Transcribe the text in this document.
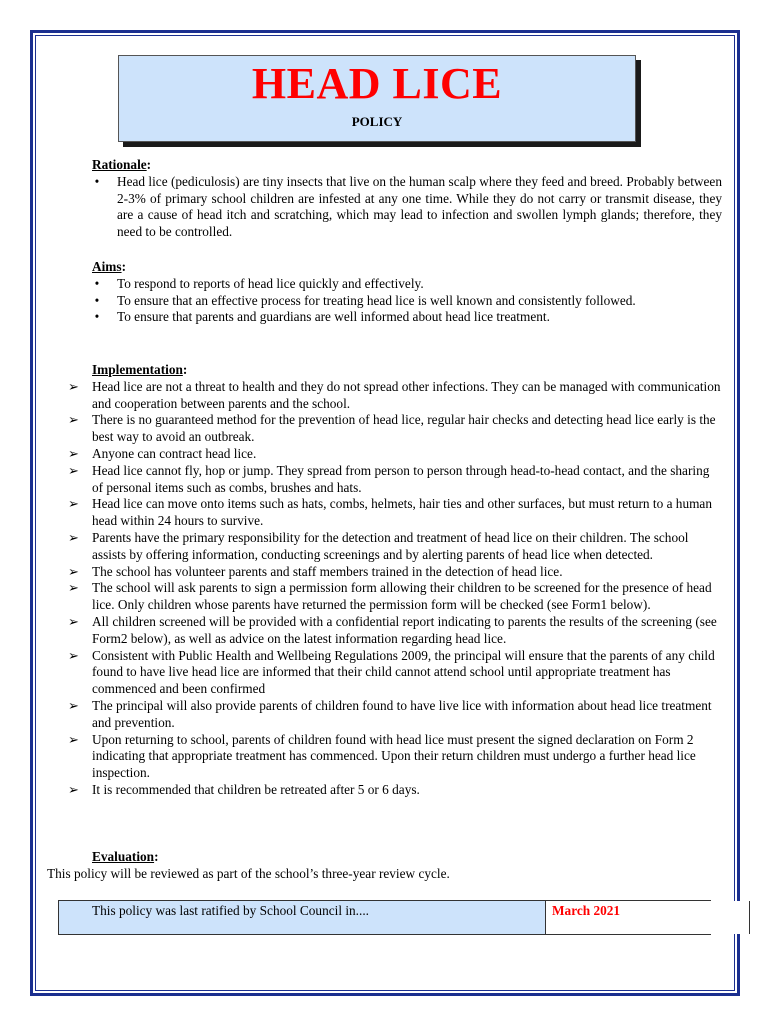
HEAD LICE
POLICY
Rationale:
• Head lice (pediculosis) are tiny insects that live on the human scalp where they feed and breed. Probably between 2-3% of primary school children are infested at any one time. While they do not carry or transmit disease, they are a cause of head itch and scratching, which may lead to infection and swollen lymph glands; therefore, they need to be controlled.
Aims:
• To respond to reports of head lice quickly and effectively.
• To ensure that an effective process for treating head lice is well known and consistently followed.
• To ensure that parents and guardians are well informed about head lice treatment.
Implementation:
➢ Head lice are not a threat to health and they do not spread other infections. They can be managed with communication and cooperation between parents and the school.
➢ There is no guaranteed method for the prevention of head lice, regular hair checks and detecting head lice early is the best way to avoid an outbreak.
➢ Anyone can contract head lice.
➢ Head lice cannot fly, hop or jump. They spread from person to person through head-to-head contact, and the sharing of personal items such as combs, brushes and hats.
➢ Head lice can move onto items such as hats, combs, helmets, hair ties and other surfaces, but must return to a human head within 24 hours to survive.
➢ Parents have the primary responsibility for the detection and treatment of head lice on their children. The school assists by offering information, conducting screenings and by alerting parents of head lice when detected.
➢ The school has volunteer parents and staff members trained in the detection of head lice.
➢ The school will ask parents to sign a permission form allowing their children to be screened for the presence of head lice. Only children whose parents have returned the permission form will be checked (see Form1 below).
➢ All children screened will be provided with a confidential report indicating to parents the results of the screening (see Form2 below), as well as advice on the latest information regarding head lice.
➢ Consistent with Public Health and Wellbeing Regulations 2009, the principal will ensure that the parents of any child found to have live head lice are informed that their child cannot attend school until appropriate treatment has commenced and been confirmed
➢ The principal will also provide parents of children found to have live lice with information about head lice treatment and prevention.
➢ Upon returning to school, parents of children found with head lice must present the signed declaration on Form 2 indicating that appropriate treatment has commenced. Upon their return children must undergo a further head lice inspection.
➢ It is recommended that children be retreated after 5 or 6 days.
Evaluation:
This policy will be reviewed as part of the school’s three-year review cycle.
This policy was last ratified by School Council in....	March 2021
